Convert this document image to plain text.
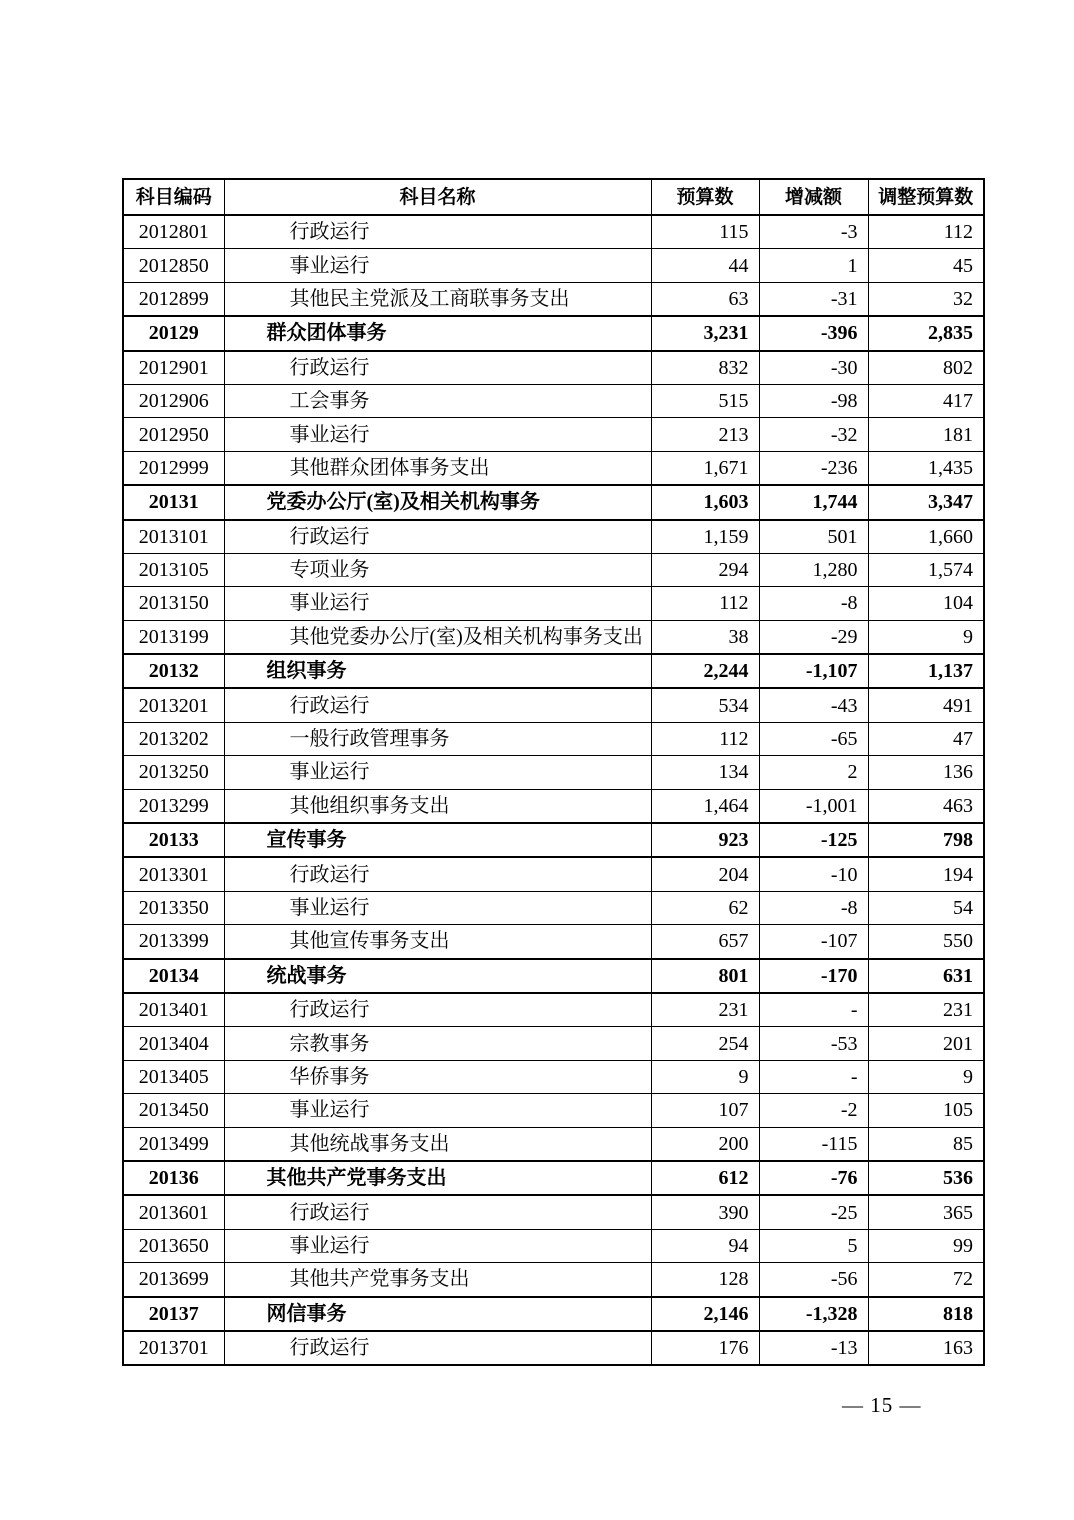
科目编码	科目名称	预算数	增减额	调整预算数
2012801	行政运行	115	-3	112
2012850	事业运行	44	1	45
2012899	其他民主党派及工商联事务支出	63	-31	32
20129	群众团体事务	3,231	-396	2,835
2012901	行政运行	832	-30	802
2012906	工会事务	515	-98	417
2012950	事业运行	213	-32	181
2012999	其他群众团体事务支出	1,671	-236	1,435
20131	党委办公厅(室)及相关机构事务	1,603	1,744	3,347
2013101	行政运行	1,159	501	1,660
2013105	专项业务	294	1,280	1,574
2013150	事业运行	112	-8	104
2013199	其他党委办公厅(室)及相关机构事务支出	38	-29	9
20132	组织事务	2,244	-1,107	1,137
2013201	行政运行	534	-43	491
2013202	一般行政管理事务	112	-65	47
2013250	事业运行	134	2	136
2013299	其他组织事务支出	1,464	-1,001	463
20133	宣传事务	923	-125	798
2013301	行政运行	204	-10	194
2013350	事业运行	62	-8	54
2013399	其他宣传事务支出	657	-107	550
20134	统战事务	801	-170	631
2013401	行政运行	231	-	231
2013404	宗教事务	254	-53	201
2013405	华侨事务	9	-	9
2013450	事业运行	107	-2	105
2013499	其他统战事务支出	200	-115	85
20136	其他共产党事务支出	612	-76	536
2013601	行政运行	390	-25	365
2013650	事业运行	94	5	99
2013699	其他共产党事务支出	128	-56	72
20137	网信事务	2,146	-1,328	818
2013701	行政运行	176	-13	163
— 15 —
